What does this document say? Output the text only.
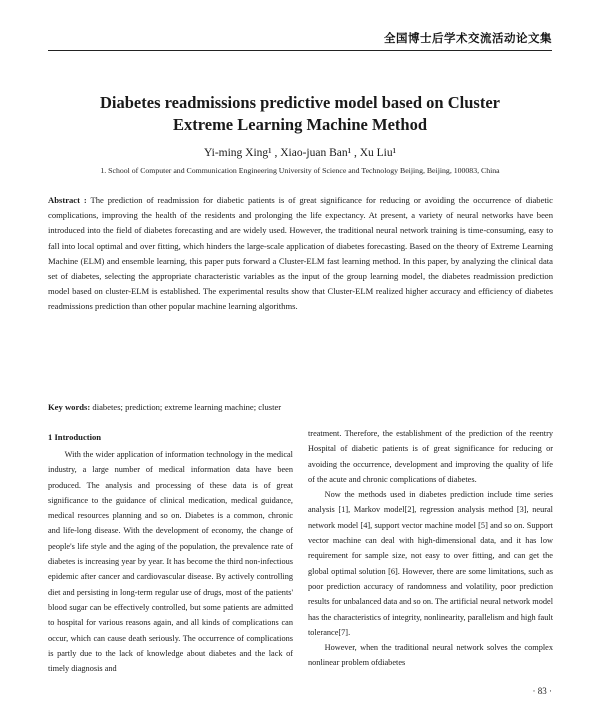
全国博士后学术交流活动论文集
Diabetes readmissions predictive model based on Cluster
Extreme Learning Machine Method
Yi-ming Xing¹ , Xiao-juan Ban¹ , Xu Liu¹
1. School of Computer and Communication Engineering University of Science and Technology Beijing, Beijing, 100083, China

Abstract : The prediction of readmission for diabetic patients is of great significance for reducing or avoiding the occurrence of diabetic complications, improving the health of the residents and prolonging the life expectancy. At present, a variety of neural networks have been introduced into the field of diabetes forecasting and are widely used. However, the traditional neural network training is time-consuming, easy to fall into local optimal and over fitting, which hinders the large-scale application of diabetes forecasting. Based on the theory of Extreme Learning Machine (ELM) and ensemble learning, this paper puts forward a Cluster-ELM fast learning method. In this paper, by analyzing the clinical data set of diabetes, selecting the appropriate characteristic variables as the input of the group learning model, the diabetes readmission prediction model based on cluster-ELM is established. The experimental results show that Cluster-ELM realized higher accuracy and efficiency of diabetes readmissions prediction than other popular machine learning algorithms.

Key words: diabetes; prediction; extreme learning machine; cluster

1 Introduction

With the wider application of information technology in the medical industry, a large number of medical information data have been produced. The analysis and processing of these data is of great significance to the guidance of clinical medication, medical guidance, medical resources planning and so on. Diabetes is a common, chronic and life-long disease. With the development of economy, the change of people's life style and the aging of the population, the prevalence rate of diabetes is increasing year by year. It has become the third non-infectious epidemic after cancer and cardiovascular disease. By actively controlling diet and persisting in long-term regular use of drugs, most of the patients' blood sugar can be effectively controlled, but some patients are admitted to hospital for various reasons again, and all kinds of complications can occur, which can cause death seriously. The occurrence of complications is partly due to the lack of knowledge about diabetes and the lack of timely diagnosis and

treatment. Therefore, the establishment of the prediction of the reentry Hospital of diabetic patients is of great significance for reducing or avoiding the occurrence, development and improving the quality of life of the acute and chronic complications of diabetes.

Now the methods used in diabetes prediction include time series analysis [1], Markov model[2], regression analysis method [3], neural network model [4], support vector machine model [5] and so on. Support vector machine can deal with high-dimensional data, and it has low requirement for sample size, not easy to over fitting, and can get the global optimal solution [6]. However, there are some limitations, such as poor prediction accuracy of randomness and volatility, poor prediction results for unbalanced data and so on. The artificial neural network model has the characteristics of integrity, nonlinearity, parallelism and high fault tolerance[7].

However, when the traditional neural network solves the complex nonlinear problem ofdiabetes

· 83 ·
